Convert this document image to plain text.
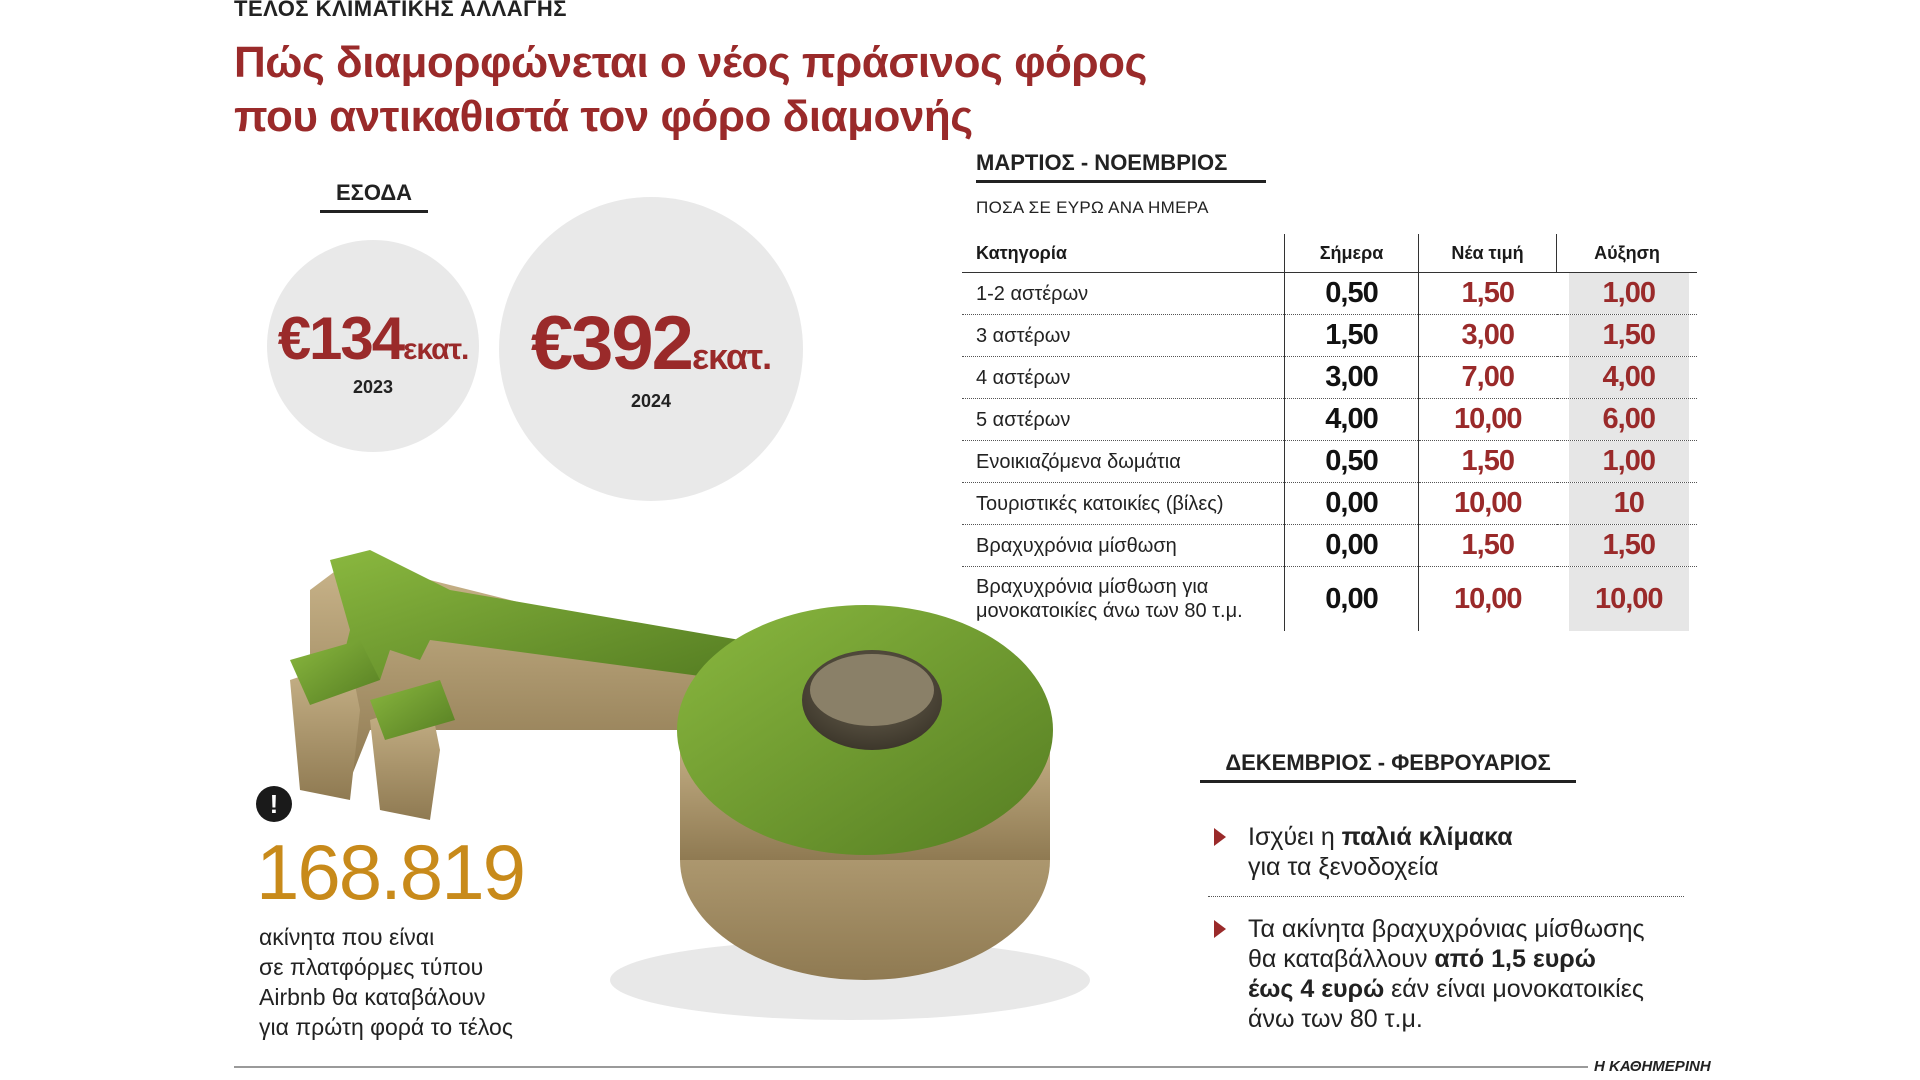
ΤΕΛΟΣ ΚΛΙΜΑΤΙΚΗΣ ΑΛΛΑΓΗΣ
Πώς διαμορφώνεται ο νέος πράσινος φόρος
που αντικαθιστά τον φόρο διαμονής
ΕΣΟΔΑ
€134εκατ.
2023
€392εκατ.
2024
ΜΑΡΤΙΟΣ - ΝΟΕΜΒΡΙΟΣ
ΠΟΣΑ ΣΕ ΕΥΡΩ ΑΝΑ ΗΜΕΡΑ
Κατηγορία	Σήμερα	Νέα τιμή	Αύξηση

1-2 αστέρων	0,50	1,50	1,00

3 αστέρων	1,50	3,00	1,50

4 αστέρων	3,00	7,00	4,00

5 αστέρων	4,00	10,00	6,00

Ενοικιαζόμενα δωμάτια	0,50	1,50	1,00

Τουριστικές κατοικίες (βίλες)	0,00	10,00	10

Βραχυχρόνια μίσθωση	0,00	1,50	1,50

Βραχυχρόνια μίσθωση για
μονοκατοικίες άνω των 80 τ.μ.	0,00	10,00	10,00
!
168.819
ακίνητα που είναι
σε πλατφόρμες τύπου
Airbnb θα καταβάλουν
για πρώτη φορά το τέλος
ΔΕΚΕΜΒΡΙΟΣ - ΦΕΒΡΟΥΑΡΙΟΣ
Ισχύει η παλιά κλίμακα
για τα ξενοδοχεία
Τα ακίνητα βραχυχρόνιας μίσθωσης
θα καταβάλλουν από 1,5 ευρώ
έως 4 ευρώ εάν είναι μονοκατοικίες
άνω των 80 τ.μ.
Η ΚΑΘΗΜΕΡΙΝΗ
